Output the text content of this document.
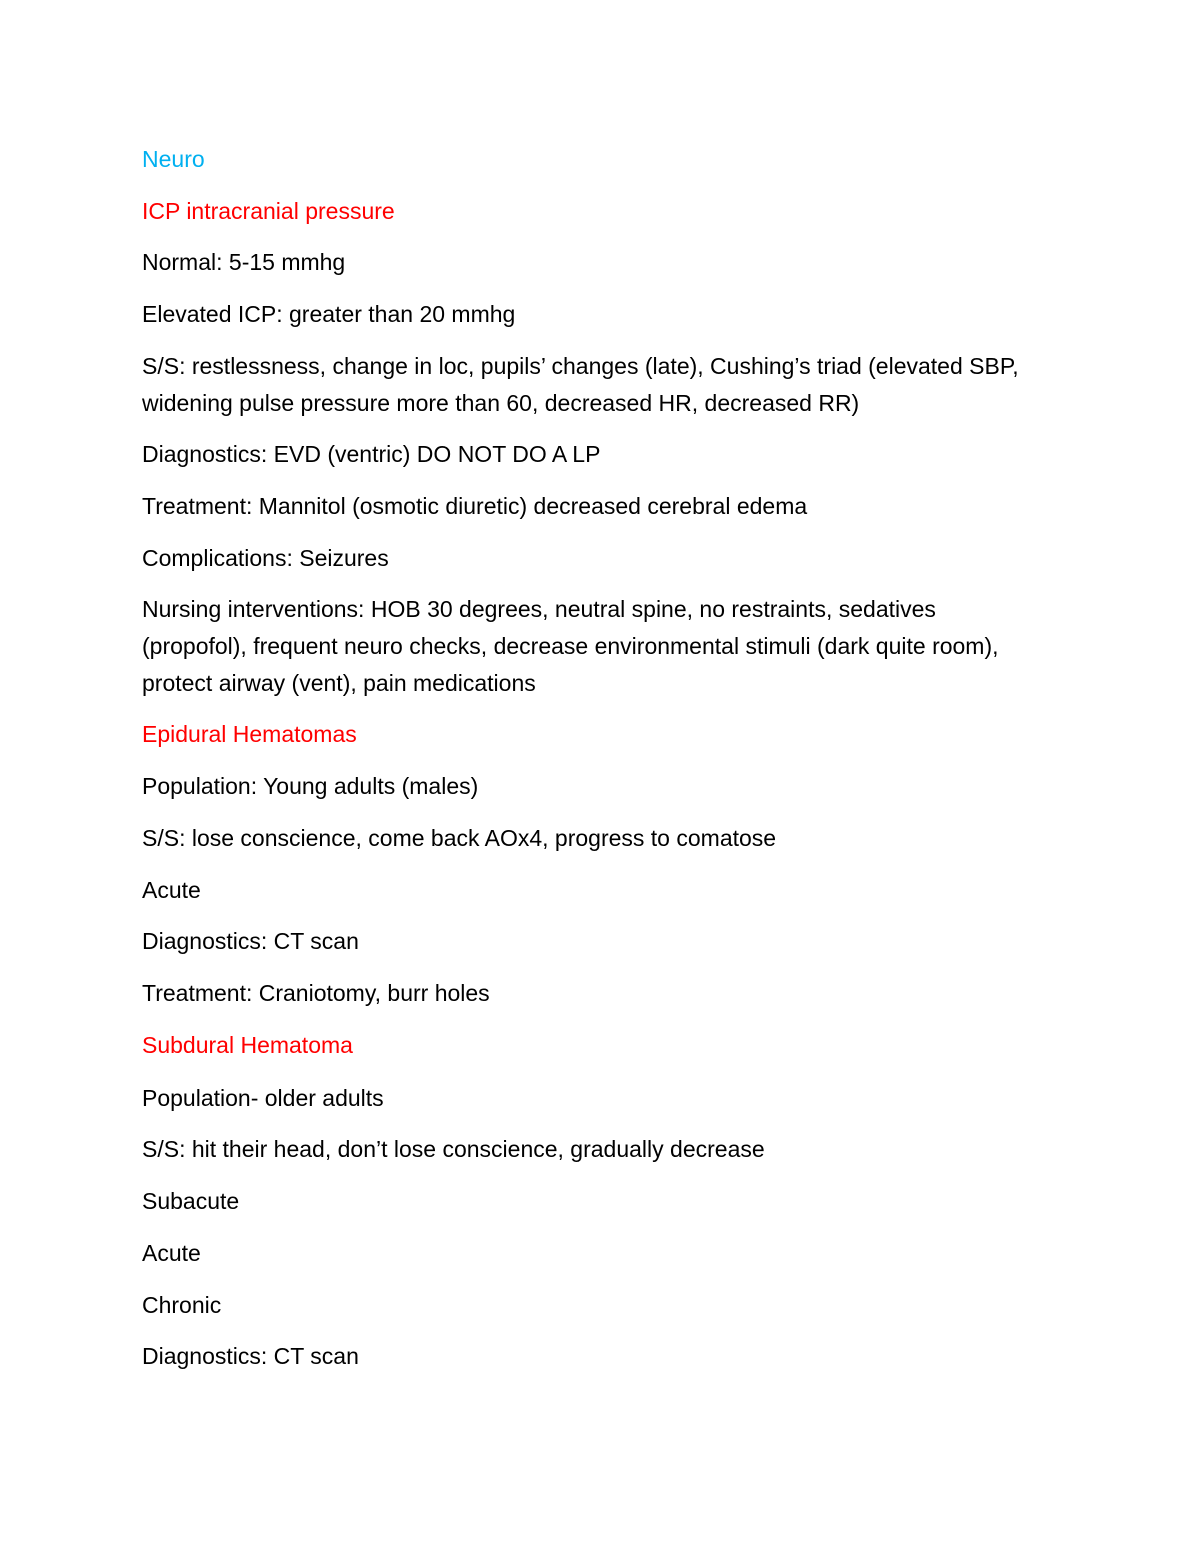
Neuro

ICP intracranial pressure

Normal: 5-15 mmhg

Elevated ICP: greater than 20 mmhg

S/S: restlessness, change in loc, pupils’ changes (late), Cushing’s triad (elevated SBP, widening pulse pressure more than 60, decreased HR, decreased RR)

Diagnostics: EVD (ventric) DO NOT DO A LP

Treatment: Mannitol (osmotic diuretic) decreased cerebral edema

Complications: Seizures

Nursing interventions: HOB 30 degrees, neutral spine, no restraints, sedatives (propofol), frequent neuro checks, decrease environmental stimuli (dark quite room), protect airway (vent), pain medications

Epidural Hematomas

Population: Young adults (males)

S/S: lose conscience, come back AOx4, progress to comatose

Acute

Diagnostics: CT scan

Treatment: Craniotomy, burr holes

Subdural Hematoma

Population- older adults

S/S: hit their head, don’t lose conscience, gradually decrease

Subacute

Acute

Chronic

Diagnostics: CT scan
